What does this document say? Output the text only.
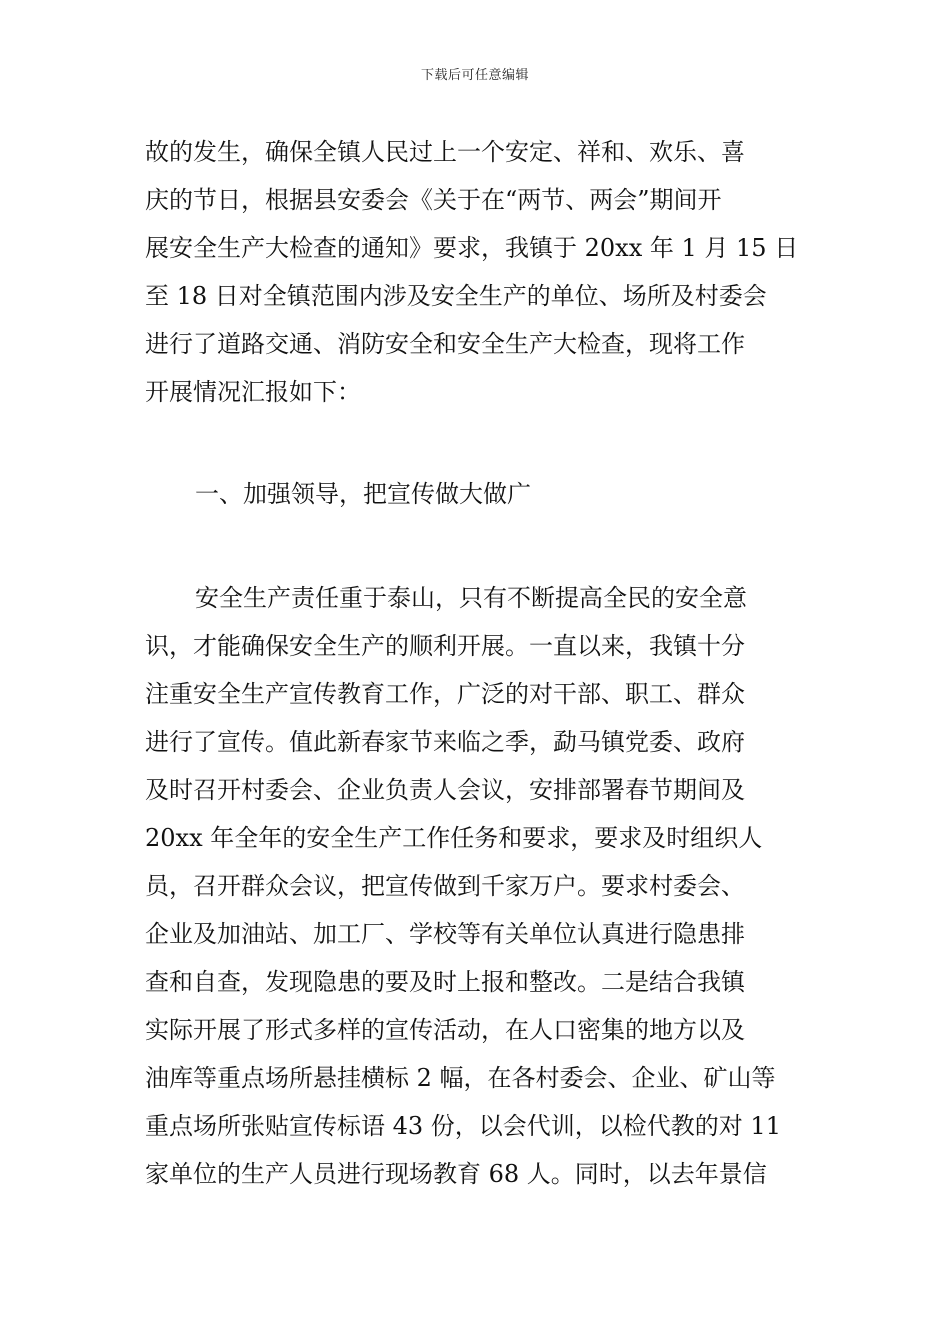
下载后可任意编辑
故的发生，确保全镇人民过上一个安定、祥和、欢乐、喜
庆的节日，根据县安委会《关于在“两节、两会”期间开
展安全生产大检查的通知》要求，我镇于 20xx 年 1 月 15 日
至 18 日对全镇范围内涉及安全生产的单位、场所及村委会
进行了道路交通、消防安全和安全生产大检查，现将工作
开展情况汇报如下：
一、加强领导，把宣传做大做广
安全生产责任重于泰山，只有不断提高全民的安全意
识，才能确保安全生产的顺利开展。一直以来，我镇十分
注重安全生产宣传教育工作，广泛的对干部、职工、群众
进行了宣传。值此新春家节来临之季，勐马镇党委、政府
及时召开村委会、企业负责人会议，安排部署春节期间及
20xx 年全年的安全生产工作任务和要求，要求及时组织人
员，召开群众会议，把宣传做到千家万户。要求村委会、
企业及加油站、加工厂、学校等有关单位认真进行隐患排
查和自查，发现隐患的要及时上报和整改。二是结合我镇
实际开展了形式多样的宣传活动，在人口密集的地方以及
油库等重点场所悬挂横标 2 幅，在各村委会、企业、矿山等
重点场所张贴宣传标语 43 份，以会代训，以检代教的对 11
家单位的生产人员进行现场教育 68 人。同时，以去年景信
